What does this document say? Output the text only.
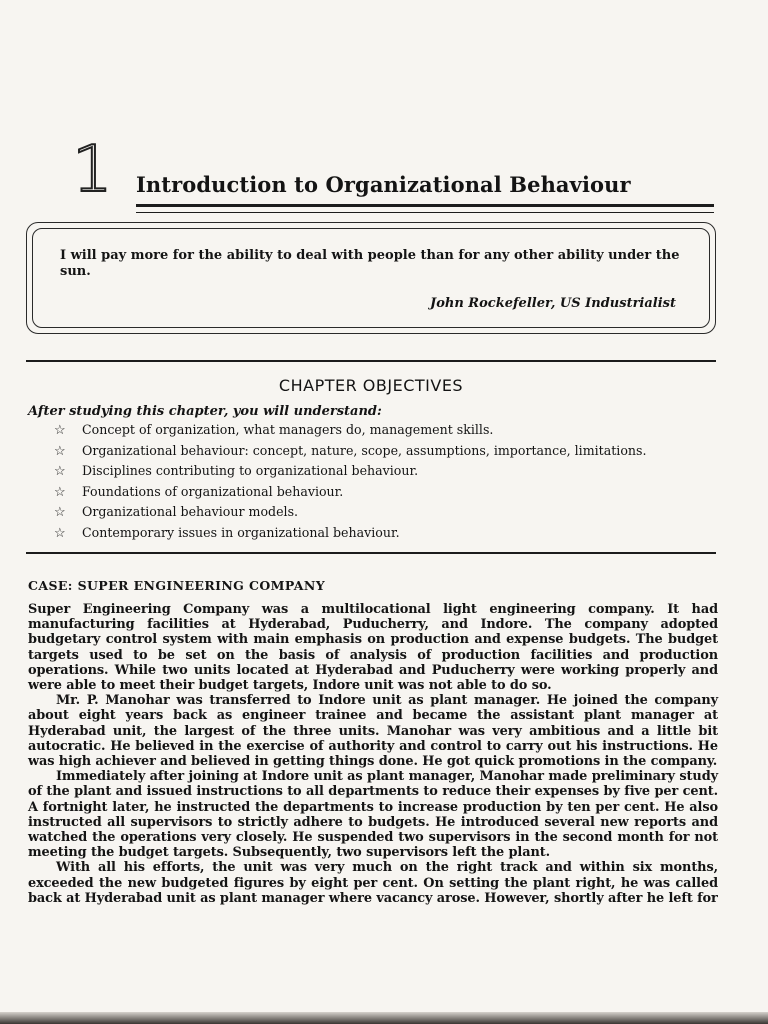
1 Introduction to Organizational Behaviour
I will pay more for the ability to deal with people than for any other ability under the sun.
John Rockefeller, US Industrialist
CHAPTER OBJECTIVES
After studying this chapter, you will understand:
☆ Concept of organization, what managers do, management skills.
☆ Organizational behaviour: concept, nature, scope, assumptions, importance, limitations.
☆ Disciplines contributing to organizational behaviour.
☆ Foundations of organizational behaviour.
☆ Organizational behaviour models.
☆ Contemporary issues in organizational behaviour.
CASE: SUPER ENGINEERING COMPANY

Super Engineering Company was a multilocational light engineering company. It had manufacturing facilities at Hyderabad, Puducherry, and Indore. The company adopted budgetary control system with main emphasis on production and expense budgets. The budget targets used to be set on the basis of analysis of production facilities and production operations. While two units located at Hyderabad and Puducherry were working properly and were able to meet their budget targets, Indore unit was not able to do so.

Mr. P. Manohar was transferred to Indore unit as plant manager. He joined the company about eight years back as engineer trainee and became the assistant plant manager at Hyderabad unit, the largest of the three units. Manohar was very ambitious and a little bit autocratic. He believed in the exercise of authority and control to carry out his instructions. He was high achiever and believed in getting things done. He got quick promotions in the company.

Immediately after joining at Indore unit as plant manager, Manohar made preliminary study of the plant and issued instructions to all departments to reduce their expenses by five per cent. A fortnight later, he instructed the departments to increase production by ten per cent. He also instructed all supervisors to strictly adhere to budgets. He introduced several new reports and watched the operations very closely. He suspended two supervisors in the second month for not meeting the budget targets. Subsequently, two supervisors left the plant.

With all his efforts, the unit was very much on the right track and within six months, exceeded the new budgeted figures by eight per cent. On setting the plant right, he was called back at Hyderabad unit as plant manager where vacancy arose. However, shortly after he left for
